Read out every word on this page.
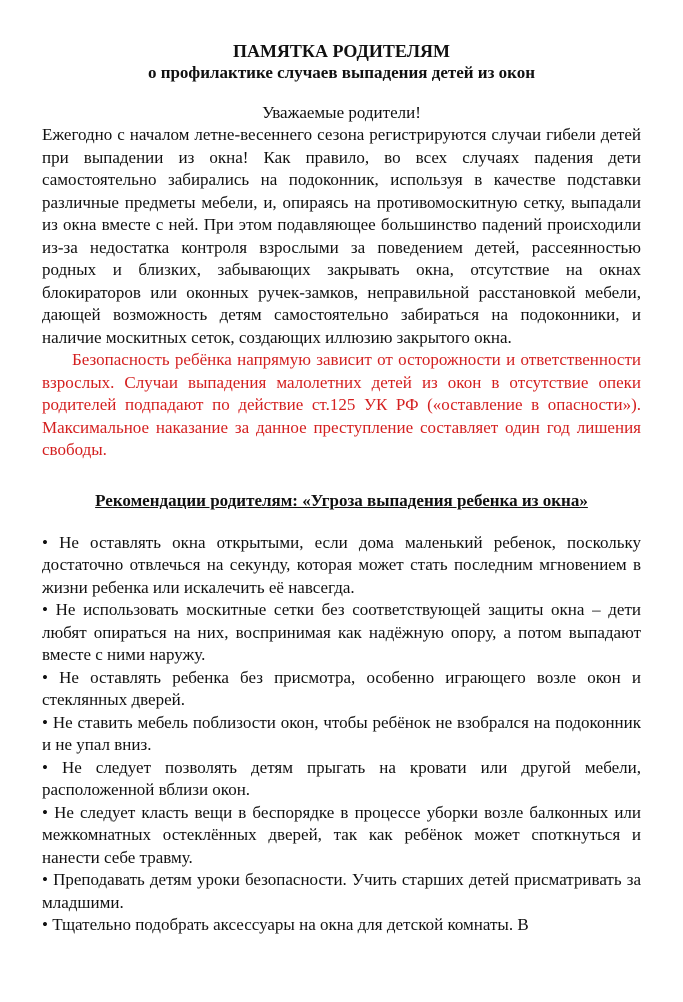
ПАМЯТКА РОДИТЕЛЯМ

о профилактике случаев выпадения детей из окон

Уважаемые родители!

Ежегодно с началом летне-весеннего сезона регистрируются случаи гибели детей при выпадении из окна! Как правило, во всех случаях падения дети самостоятельно забирались на подоконник, используя в качестве подставки различные предметы мебели, и, опираясь на противомоскитную сетку, выпадали из окна вместе с ней. При этом подавляющее большинство падений происходили из-за недостатка контроля взрослыми за поведением детей, рассеянностью родных и близких, забывающих закрывать окна, отсутствие на окнах блокираторов или оконных ручек-замков, неправильной расстановкой мебели, дающей возможность детям самостоятельно забираться на подоконники, и наличие москитных сеток, создающих иллюзию закрытого окна.

Безопасность ребёнка напрямую зависит от осторожности и ответственности взрослых. Случаи выпадения малолетних детей из окон в отсутствие опеки родителей подпадают по действие ст.125 УК РФ («оставление в опасности»). Максимальное наказание за данное преступление составляет один год лишения свободы.

Рекомендации родителям: «Угроза выпадения ребенка из окна»

• Не оставлять окна открытыми, если дома маленький ребенок, поскольку достаточно отвлечься на секунду, которая может стать последним мгновением в жизни ребенка или искалечить её навсегда.

• Не использовать москитные сетки без соответствующей защиты окна – дети любят опираться на них, воспринимая как надёжную опору, а потом выпадают вместе с ними наружу.

• Не оставлять ребенка без присмотра, особенно играющего возле окон и стеклянных дверей.

• Не ставить мебель поблизости окон, чтобы ребёнок не взобрался на подоконник и не упал вниз.

• Не следует позволять детям прыгать на кровати или другой мебели, расположенной вблизи окон.

• Не следует класть вещи в беспорядке в процессе уборки возле балконных или межкомнатных остеклённых дверей, так как ребёнок может споткнуться и нанести себе травму.

• Преподавать детям уроки безопасности. Учить старших детей присматривать за младшими.

• Тщательно подобрать аксессуары на окна для детской комнаты. В
